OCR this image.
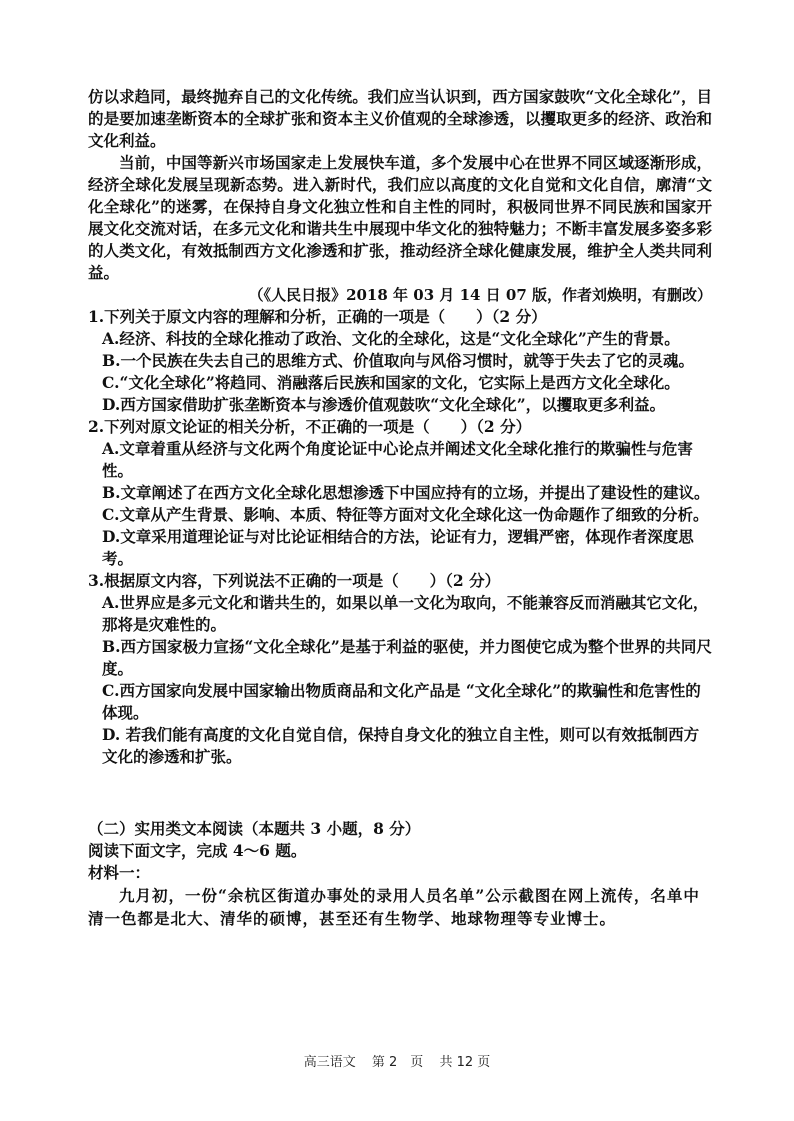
仿以求趋同，最终抛弃自己的文化传统。我们应当认识到，西方国家鼓吹“文化全球化”，目的是要加速垄断资本的全球扩张和资本主义价值观的全球渗透，以攫取更多的经济、政治和文化利益。

当前，中国等新兴市场国家走上发展快车道，多个发展中心在世界不同区域逐渐形成，经济全球化发展呈现新态势。进入新时代，我们应以高度的文化自觉和文化自信，廓清“文化全球化”的迷雾，在保持自身文化独立性和自主性的同时，积极同世界不同民族和国家开展文化交流对话，在多元文化和谐共生中展现中华文化的独特魅力；不断丰富发展多姿多彩的人类文化，有效抵制西方文化渗透和扩张，推动经济全球化健康发展，维护全人类共同利益。

（《人民日报》2018 年 03 月 14 日 07 版，作者刘焕明，有删改）

1.下列关于原文内容的理解和分析，正确的一项是（　　）（2 分）

A.经济、科技的全球化推动了政治、文化的全球化，这是“文化全球化”产生的背景。

B.一个民族在失去自己的思维方式、价值取向与风俗习惯时，就等于失去了它的灵魂。

C.“文化全球化”将趋同、消融落后民族和国家的文化，它实际上是西方文化全球化。

D.西方国家借助扩张垄断资本与渗透价值观鼓吹“文化全球化”，以攫取更多利益。

2.下列对原文论证的相关分析，不正确的一项是（　　）（2 分）

A.文章着重从经济与文化两个角度论证中心论点并阐述文化全球化推行的欺骗性与危害性。

B.文章阐述了在西方文化全球化思想渗透下中国应持有的立场，并提出了建设性的建议。

C.文章从产生背景、影响、本质、特征等方面对文化全球化这一伪命题作了细致的分析。

D.文章采用道理论证与对比论证相结合的方法，论证有力，逻辑严密，体现作者深度思考。

3.根据原文内容，下列说法不正确的一项是（　　）（2 分）

A.世界应是多元文化和谐共生的，如果以单一文化为取向，不能兼容反而消融其它文化，那将是灾难性的。

B.西方国家极力宣扬“文化全球化”是基于利益的驱使，并力图使它成为整个世界的共同尺度。

C.西方国家向发展中国家输出物质商品和文化产品是 “文化全球化”的欺骗性和危害性的体现。

D. 若我们能有高度的文化自觉自信，保持自身文化的独立自主性，则可以有效抵制西方文化的渗透和扩张。

（二）实用类文本阅读（本题共 3 小题，8 分）

阅读下面文字，完成 4～6 题。

材料一：

九月初，一份“余杭区街道办事处的录用人员名单”公示截图在网上流传，名单中清一色都是北大、清华的硕博，甚至还有生物学、地球物理等专业博士。

高三语文 第 2　页 共 12 页
